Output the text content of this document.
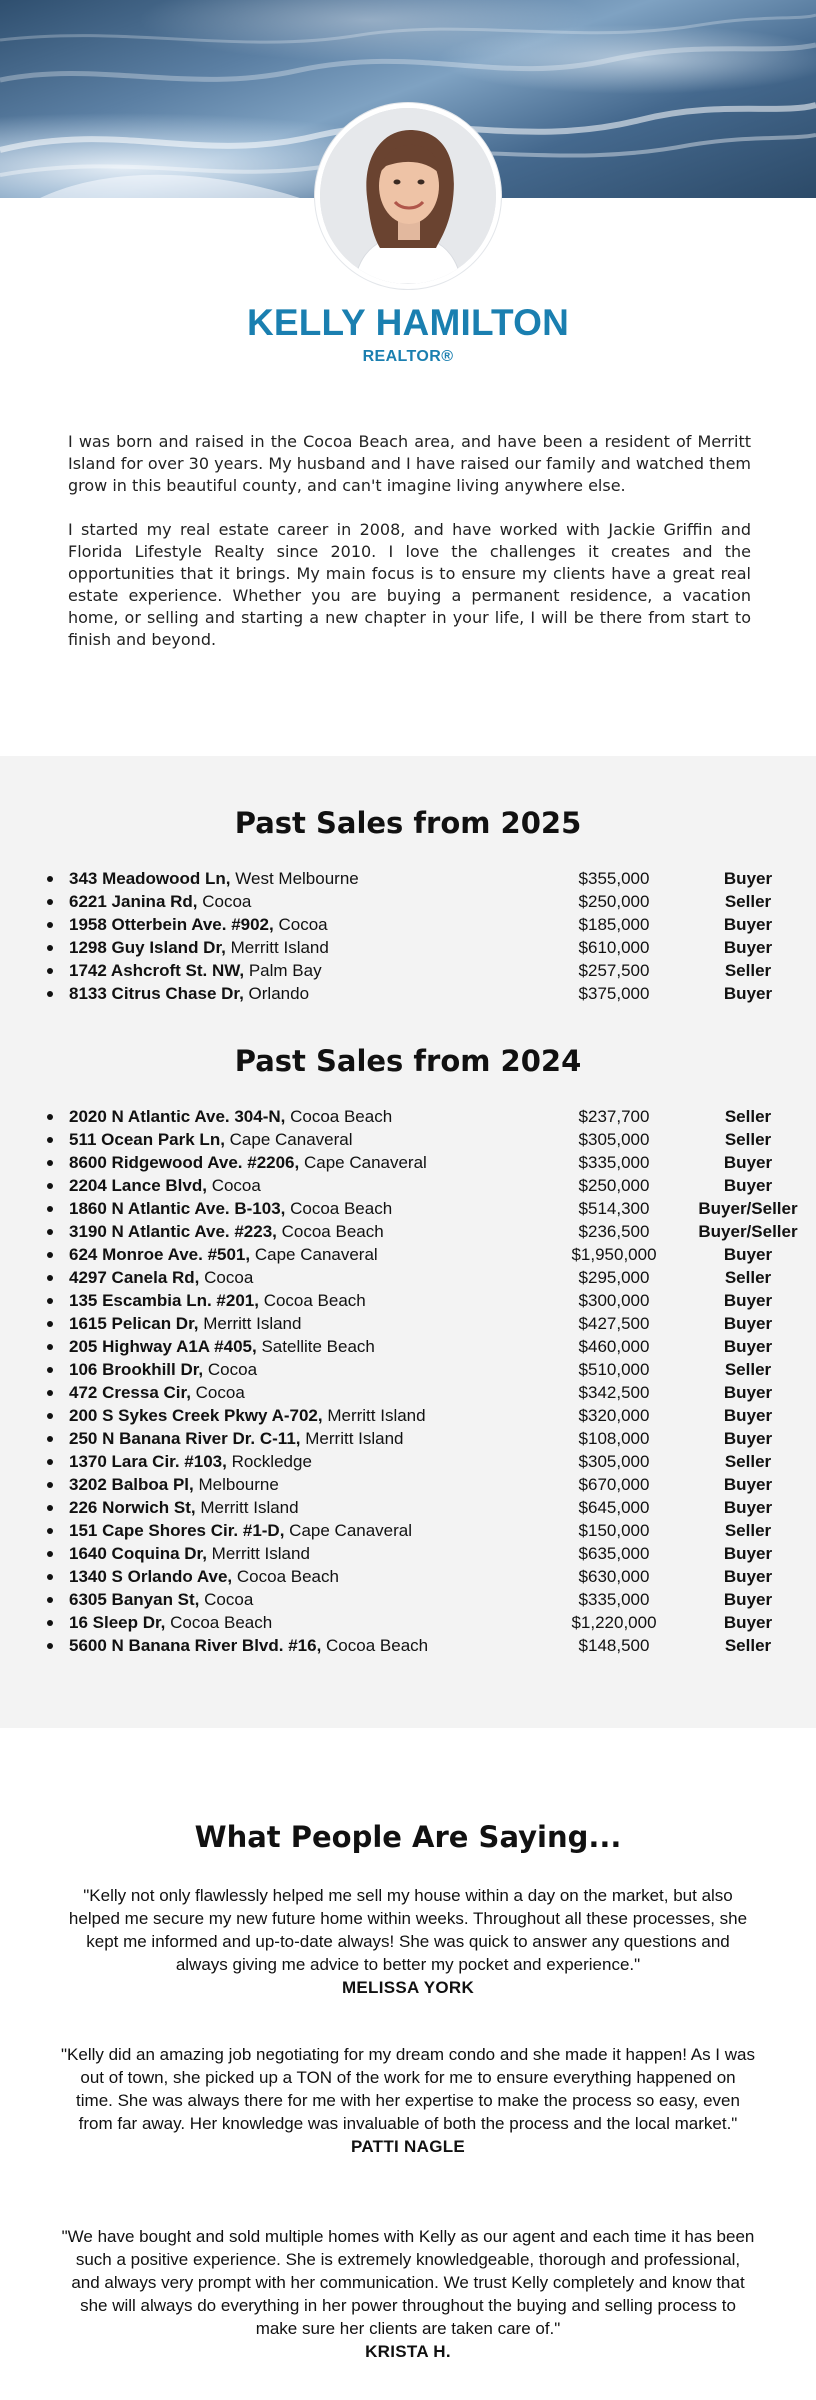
KELLY HAMILTON
REALTOR®

I was born and raised in the Cocoa Beach area, and have been a resident of Merritt Island for over 30 years. My husband and I have raised our family and watched them grow in this beautiful county, and can't imagine living anywhere else.

I started my real estate career in 2008, and have worked with Jackie Griffin and Florida Lifestyle Realty since 2010. I love the challenges it creates and the opportunities that it brings. My main focus is to ensure my clients have a great real estate experience. Whether you are buying a permanent residence, a vacation home, or selling and starting a new chapter in your life, I will be there from start to finish and beyond.

Past Sales from 2025
343 Meadowood Ln, West Melbourne	$355,000	Buyer
6221 Janina Rd, Cocoa	$250,000	Seller
1958 Otterbein Ave. #902, Cocoa	$185,000	Buyer
1298 Guy Island Dr, Merritt Island	$610,000	Buyer
1742 Ashcroft St. NW, Palm Bay	$257,500	Seller
8133 Citrus Chase Dr, Orlando	$375,000	Buyer
Past Sales from 2024
2020 N Atlantic Ave. 304-N, Cocoa Beach	$237,700	Seller
511 Ocean Park Ln, Cape Canaveral	$305,000	Seller
8600 Ridgewood Ave. #2206, Cape Canaveral	$335,000	Buyer
2204 Lance Blvd, Cocoa	$250,000	Buyer
1860 N Atlantic Ave. B-103, Cocoa Beach	$514,300	Buyer/Seller
3190 N Atlantic Ave. #223, Cocoa Beach	$236,500	Buyer/Seller
624 Monroe Ave. #501, Cape Canaveral	$1,950,000	Buyer
4297 Canela Rd, Cocoa	$295,000	Seller
135 Escambia Ln. #201, Cocoa Beach	$300,000	Buyer
1615 Pelican Dr, Merritt Island	$427,500	Buyer
205 Highway A1A #405, Satellite Beach	$460,000	Buyer
106 Brookhill Dr, Cocoa	$510,000	Seller
472 Cressa Cir, Cocoa	$342,500	Buyer
200 S Sykes Creek Pkwy A-702, Merritt Island	$320,000	Buyer
250 N Banana River Dr. C-11, Merritt Island	$108,000	Buyer
1370 Lara Cir. #103, Rockledge	$305,000	Seller
3202 Balboa Pl, Melbourne	$670,000	Buyer
226 Norwich St, Merritt Island	$645,000	Buyer
151 Cape Shores Cir. #1-D, Cape Canaveral	$150,000	Seller
1640 Coquina Dr, Merritt Island	$635,000	Buyer
1340 S Orlando Ave, Cocoa Beach	$630,000	Buyer
6305 Banyan St, Cocoa	$335,000	Buyer
16 Sleep Dr, Cocoa Beach	$1,220,000	Buyer
5600 N Banana River Blvd. #16, Cocoa Beach	$148,500	Seller
What People Are Saying...
"Kelly not only flawlessly helped me sell my house within a day on the market, but also helped me secure my new future home within weeks. Throughout all these processes, she kept me informed and up-to-date always! She was quick to answer any questions and always giving me advice to better my pocket and experience."
MELISSA YORK
"Kelly did an amazing job negotiating for my dream condo and she made it happen! As I was out of town, she picked up a TON of the work for me to ensure everything happened on time. She was always there for me with her expertise to make the process so easy, even from far away. Her knowledge was invaluable of both the process and the local market."
PATTI NAGLE
"We have bought and sold multiple homes with Kelly as our agent and each time it has been such a positive experience. She is extremely knowledgeable, thorough and professional, and always very prompt with her communication. We trust Kelly completely and know that she will always do everything in her power throughout the buying and selling process to make sure her clients are taken care of."
KRISTA H.
